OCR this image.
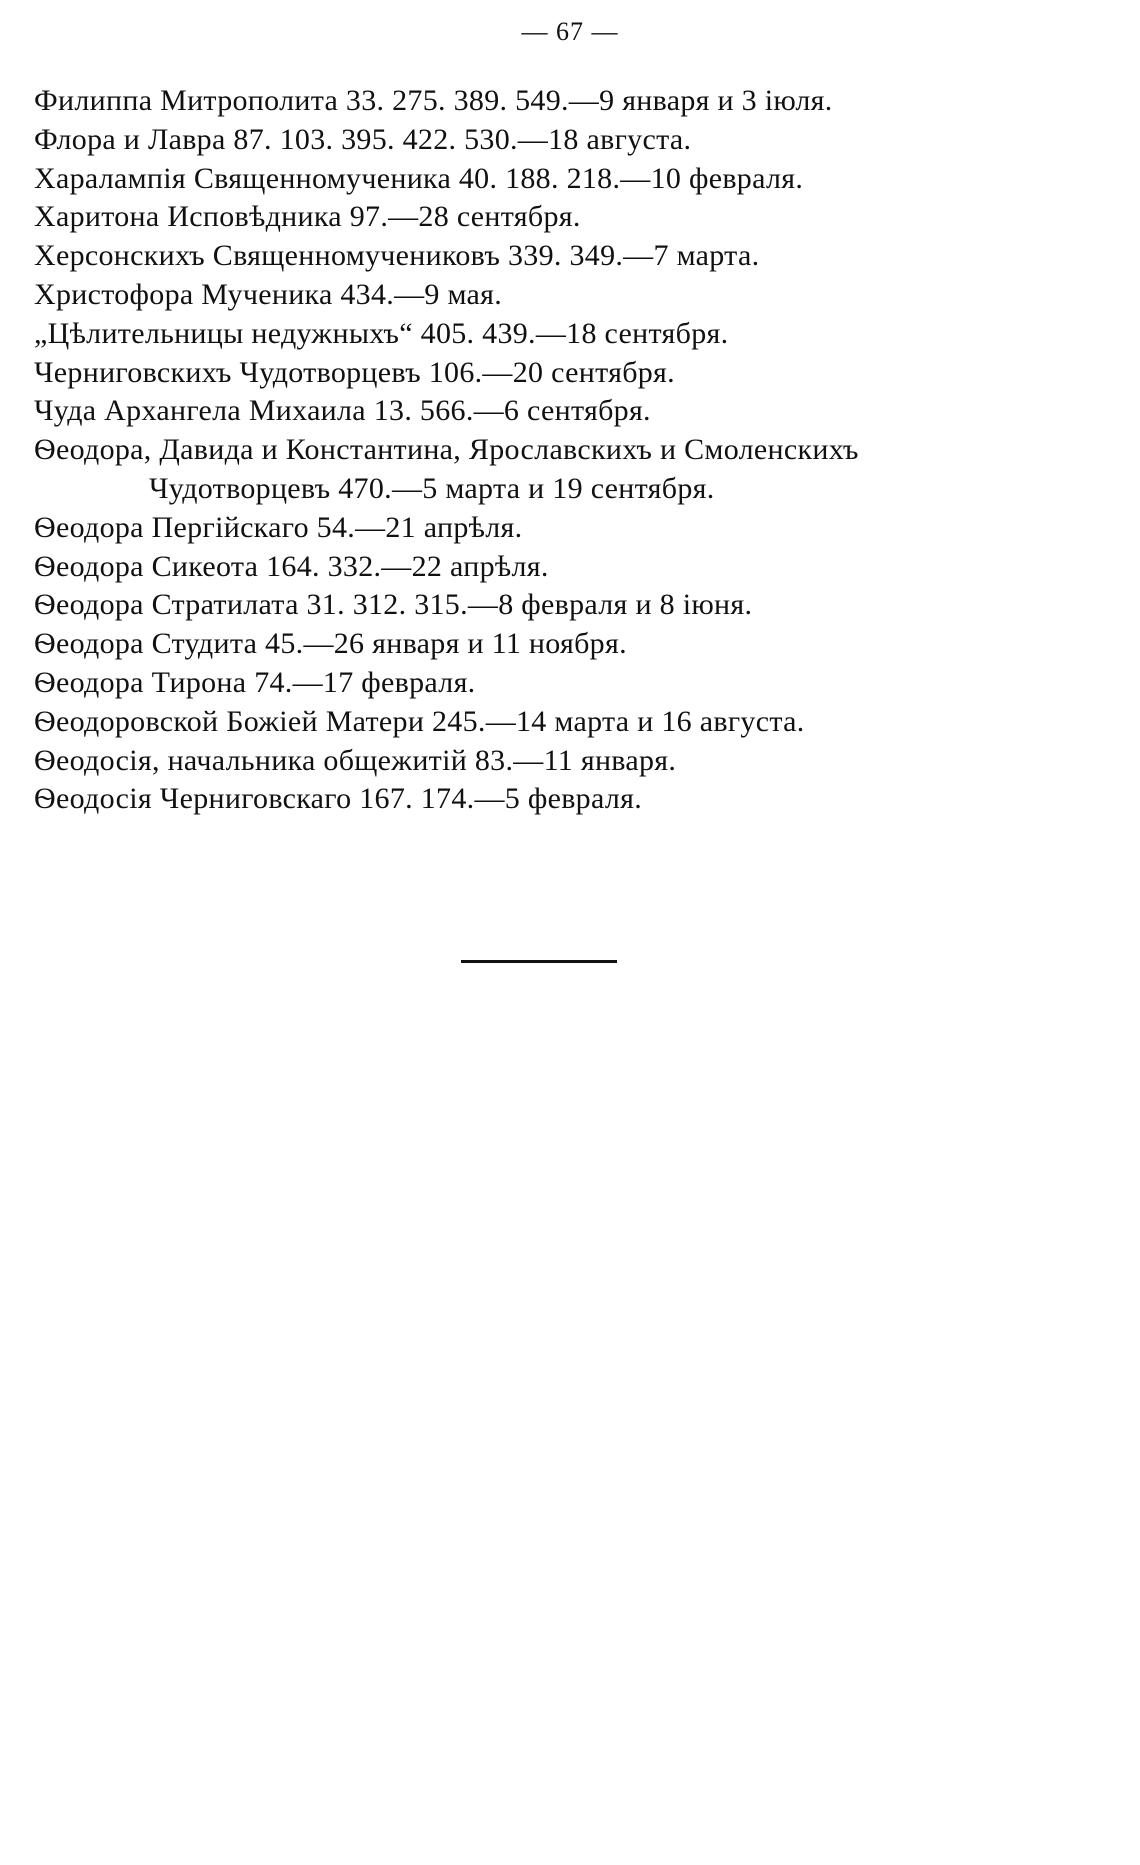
— 67 —
Филиппа Митрополита 33. 275. 389. 549.—9 января и 3 іюля.
Флора и Лавра 87. 103. 395. 422. 530.—18 августа.
Харалампія Священномученика 40. 188. 218.—10 февраля.
Харитона Исповѣдника 97.—28 сентября.
Херсонскихъ Священномучениковъ 339. 349.—7 марта.
Христофора Мученика 434.—9 мая.
„Цѣлительницы недужныхъ“ 405. 439.—18 сентября.
Черниговскихъ Чудотворцевъ 106.—20 сентября.
Чуда Архангела Михаила 13. 566.—6 сентября.
Ѳеодора, Давида и Константина, Ярославскихъ и Смоленскихъ
Чудотворцевъ 470.—5 марта и 19 сентября.
Ѳеодора Пергійскаго 54.—21 апрѣля.
Ѳеодора Сикеота 164. 332.—22 апрѣля.
Ѳеодора Стратилата 31. 312. 315.—8 февраля и 8 іюня.
Ѳеодора Студита 45.—26 января и 11 ноября.
Ѳеодора Тирона 74.—17 февраля.
Ѳеодоровской Божіей Матери 245.—14 марта и 16 августа.
Ѳеодосія, начальника общежитій 83.—11 января.
Ѳеодосія Черниговскаго 167. 174.—5 февраля.
